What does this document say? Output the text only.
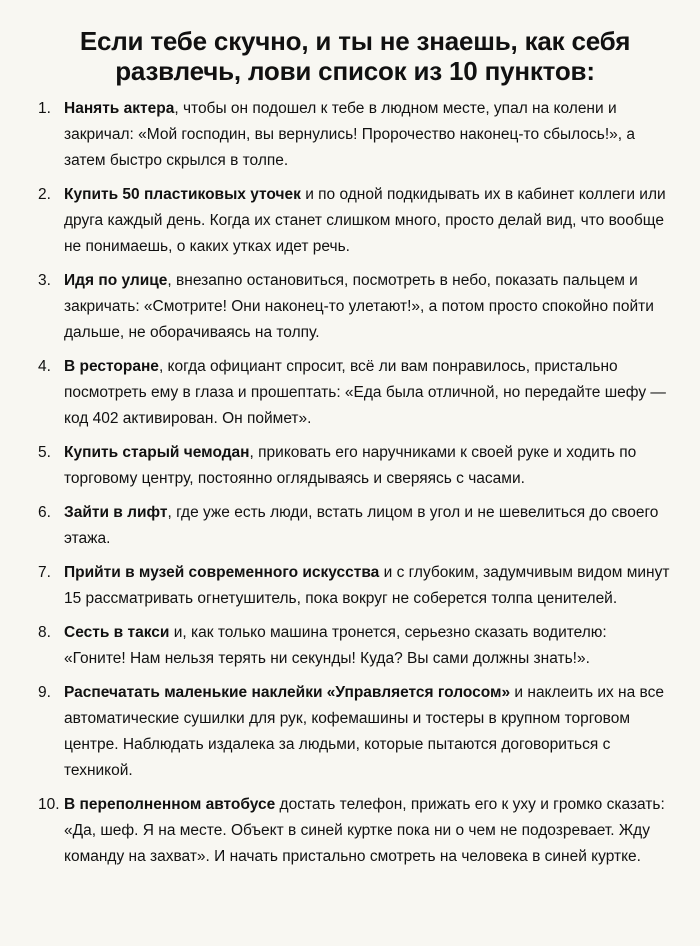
Если тебе скучно, и ты не знаешь, как себя развлечь, лови список из 10 пунктов:
1. Нанять актера, чтобы он подошел к тебе в людном месте, упал на колени и закричал: «Мой господин, вы вернулись! Пророчество наконец-то сбылось!», а затем быстро скрылся в толпе.
2. Купить 50 пластиковых уточек и по одной подкидывать их в кабинет коллеги или друга каждый день. Когда их станет слишком много, просто делай вид, что вообще не понимаешь, о каких утках идет речь.
3. Идя по улице, внезапно остановиться, посмотреть в небо, показать пальцем и закричать: «Смотрите! Они наконец-то улетают!», а потом просто спокойно пойти дальше, не оборачиваясь на толпу.
4. В ресторане, когда официант спросит, всё ли вам понравилось, пристально посмотреть ему в глаза и прошептать: «Еда была отличной, но передайте шефу — код 402 активирован. Он поймет».
5. Купить старый чемодан, приковать его наручниками к своей руке и ходить по торговому центру, постоянно оглядываясь и сверяясь с часами.
6. Зайти в лифт, где уже есть люди, встать лицом в угол и не шевелиться до своего этажа.
7. Прийти в музей современного искусства и с глубоким, задумчивым видом минут 15 рассматривать огнетушитель, пока вокруг не соберется толпа ценителей.
8. Сесть в такси и, как только машина тронется, серьезно сказать водителю: «Гоните! Нам нельзя терять ни секунды! Куда? Вы сами должны знать!».
9. Распечатать маленькие наклейки «Управляется голосом» и наклеить их на все автоматические сушилки для рук, кофемашины и тостеры в крупном торговом центре. Наблюдать издалека за людьми, которые пытаются договориться с техникой.
10. В переполненном автобусе достать телефон, прижать его к уху и громко сказать: «Да, шеф. Я на месте. Объект в синей куртке пока ни о чем не подозревает. Жду команду на захват». И начать пристально смотреть на человека в синей куртке.
